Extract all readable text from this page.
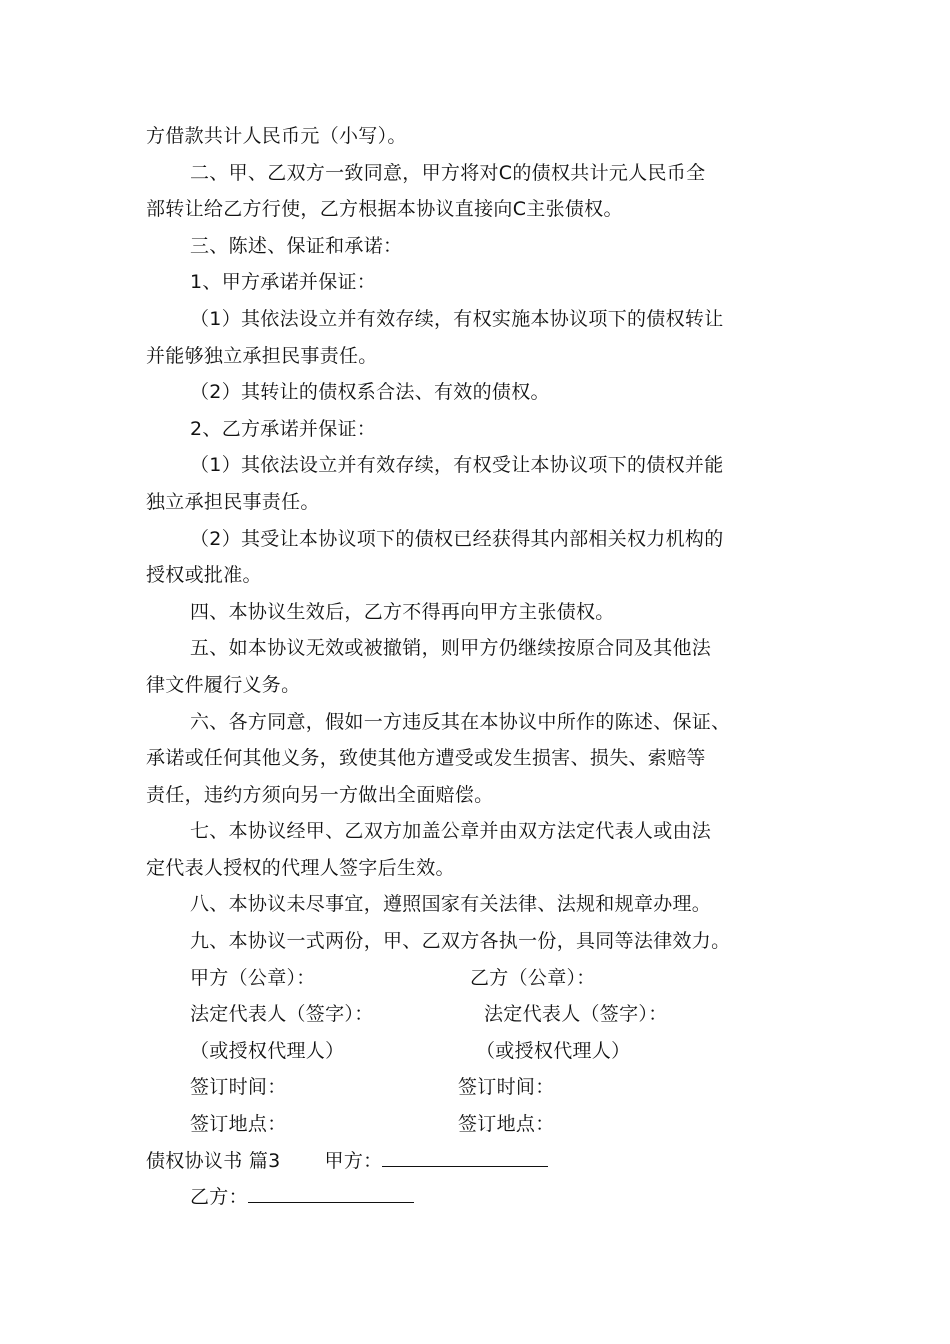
方借款共计人民币元（小写）。
二、甲、乙双方一致同意，甲方将对C的债权共计元人民币全
部转让给乙方行使，乙方根据本协议直接向C主张债权。
三、陈述、保证和承诺：
1、甲方承诺并保证：
（1）其依法设立并有效存续，有权实施本协议项下的债权转让
并能够独立承担民事责任。
（2）其转让的债权系合法、有效的债权。
2、乙方承诺并保证：
（1）其依法设立并有效存续，有权受让本协议项下的债权并能
独立承担民事责任。
（2）其受让本协议项下的债权已经获得其内部相关权力机构的
授权或批准。
四、本协议生效后，乙方不得再向甲方主张债权。
五、如本协议无效或被撤销，则甲方仍继续按原合同及其他法
律文件履行义务。
六、各方同意，假如一方违反其在本协议中所作的陈述、保证、
承诺或任何其他义务，致使其他方遭受或发生损害、损失、索赔等
责任，违约方须向另一方做出全面赔偿。
七、本协议经甲、乙双方加盖公章并由双方法定代表人或由法
定代表人授权的代理人签字后生效。
八、本协议未尽事宜，遵照国家有关法律、法规和规章办理。
九、本协议一式两份，甲、乙双方各执一份，具同等法律效力。
甲方（公章）：	乙方（公章）：
法定代表人（签字）：	法定代表人（签字）：
（或授权代理人）	（或授权代理人）
签订时间：	签订时间：
签订地点：	签订地点：
债权协议书 篇3 甲方：
乙方：
